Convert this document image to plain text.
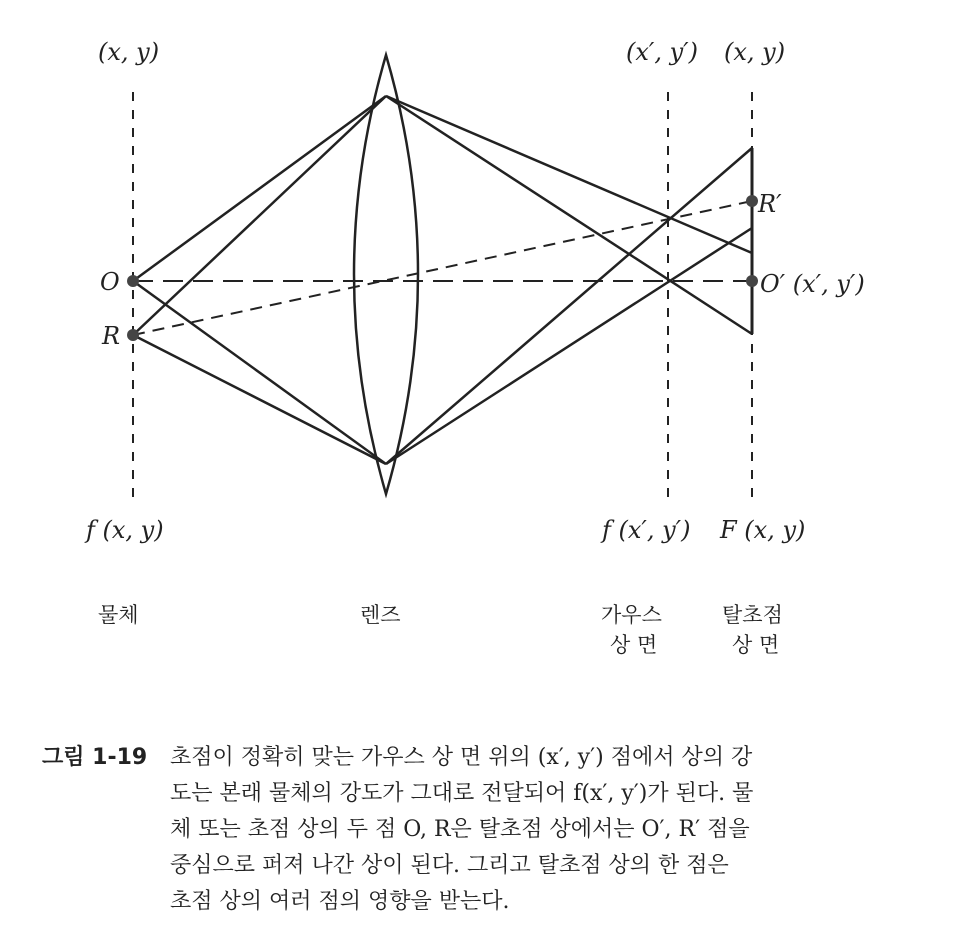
(x, y)	(x′, y′) (x, y)
O
R
R′
O′ (x′, y′)
f (x, y)	f (x′, y′) F (x, y)
물체	렌즈	가우스
상 면
탈초점
상 면
그림 1-19	초점이 정확히 맞는 가우스 상 면 위의 (x′, y′) 점에서 상의 강
도는 본래 물체의 강도가 그대로 전달되어 f(x′, y′)가 된다. 물
체 또는 초점 상의 두 점 O, R은 탈초점 상에서는 O′, R′ 점을
중심으로 퍼져 나간 상이 된다. 그리고 탈초점 상의 한 점은
초점 상의 여러 점의 영향을 받는다.
